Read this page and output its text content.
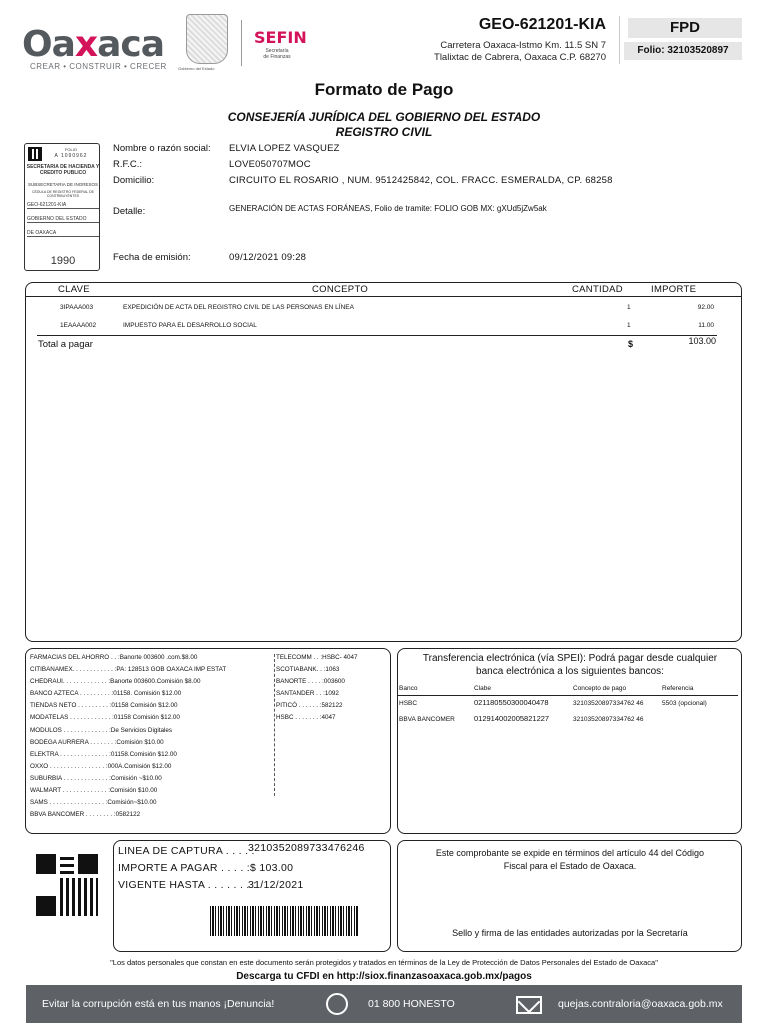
Oaxaca
CREAR • CONSTRUIR • CRECER	Gobierno del Estado
SEFIN
Secretaría de Finanzas
GEO-621201-KIA
Carretera Oaxaca-Istmo Km. 11.5 SN 7
Tlalixtac de Cabrera, Oaxaca C.P. 68270
FPD
Folio: 32103520897
Formato de Pago
CONSEJERÍA JURÍDICA DEL GOBIERNO DEL ESTADO
REGISTRO CIVIL
FOLIO
A 1090962
SECRETARIA DE HACIENDA Y CREDITO PUBLICO
SUBSECRETARIA DE INGRESOS
CÉDULA DE REGISTRO FEDERAL DE CONTRIBUYENTES
GEO-621201-KIA
GOBIERNO DEL ESTADO
DE OAXACA
1990
Nombre o razón social: ELVIA LOPEZ VASQUEZ
R.F.C.:	LOVE050707MOC
Domicilio:	CIRCUITO EL ROSARIO , NUM. 9512425842, COL. FRACC. ESMERALDA, CP. 68258
Detalle:	GENERACIÓN DE ACTAS FORÁNEAS, Folio de tramite: FOLIO GOB MX: gXUd5jZw5ak
Fecha de emisión:	09/12/2021 09:28
CLAVE	CONCEPTO	CANTIDAD	IMPORTE
3IPAAA003	EXPEDICIÓN DE ACTA DEL REGISTRO CIVIL DE LAS PERSONAS EN LÍNEA	1	92.00
1EAAAA002	IMPUESTO PARA EL DESARROLLO SOCIAL	1	11.00
Total a pagar	$	103.00
FARMACIAS DEL AHORRO . . :Banorte 003600 .com.$8.00
CITIBANAMEX. . . . . . . . . . . . :PA: 128513 GOB OAXACA IMP ESTAT
CHEDRAUI. . . . . . . . . . . . . :Banorte 003600.Comisión $8.00
BANCO AZTECA . . . . . . . . . :01158. Comisión $12.00
TIENDAS NETO . . . . . . . . . :01158 Comisión $12.00
MODATELAS . . . . . . . . . . . . :01158 Comisión $12.00
MODULOS . . . . . . . . . . . . . :De Servicios Digitales
BODEGA AURRERA . . . . . . . :Comisión $10.00
ELEKTRA . . . . . . . . . . . . . . :01158.Comisión $12.00
OXXO . . . . . . . . . . . . . . . . :000A.Comisión $12.00
SUBURBIA . . . . . . . . . . . . . :Comisión ~$10.00
WALMART . . . . . . . . . . . . . :Comisión $10.00
SAMS . . . . . . . . . . . . . . . . :Comisión~$10.00
BBVA BANCOMER . . . . . . . . :0582122
TELECOMM . . :HSBC- 4047
SCOTIABANK. . :1063
BANORTE . . . . :003600
SANTANDER . . :1092
PITICÓ . . . . . . :582122
HSBC . . . . . . . :4047
Transferencia electrónica (vía SPEI): Podrá pagar desde cualquier
banca electrónica a los siguientes bancos:
Banco	Clabe	Concepto de pago	Referencia
HSBC	021180550300040478	32103520897334762 46	5503 (opcional)
BBVA BANCOMER	012914002005821227	32103520897334762 46
LINEA DE CAPTURA . . . . :
3210352089733476246
IMPORTE A PAGAR . . . . : $ 103.00
VIGENTE HASTA . . . . . . . :
31/12/2021
Este comprobante se expide en términos del artículo 44 del Código
Fiscal para el Estado de Oaxaca.
Sello y firma de las entidades autorizadas por la Secretaría
"Los datos personales que constan en este documento serán protegidos y tratados en términos de la Ley de Protección de Datos Personales del Estado de Oaxaca"
Descarga tu CFDI en http://siox.finanzasoaxaca.gob.mx/pagos
Evitar la corrupción está en tus manos ¡Denuncia!	01 800 HONESTO	quejas.contraloria@oaxaca.gob.mx
